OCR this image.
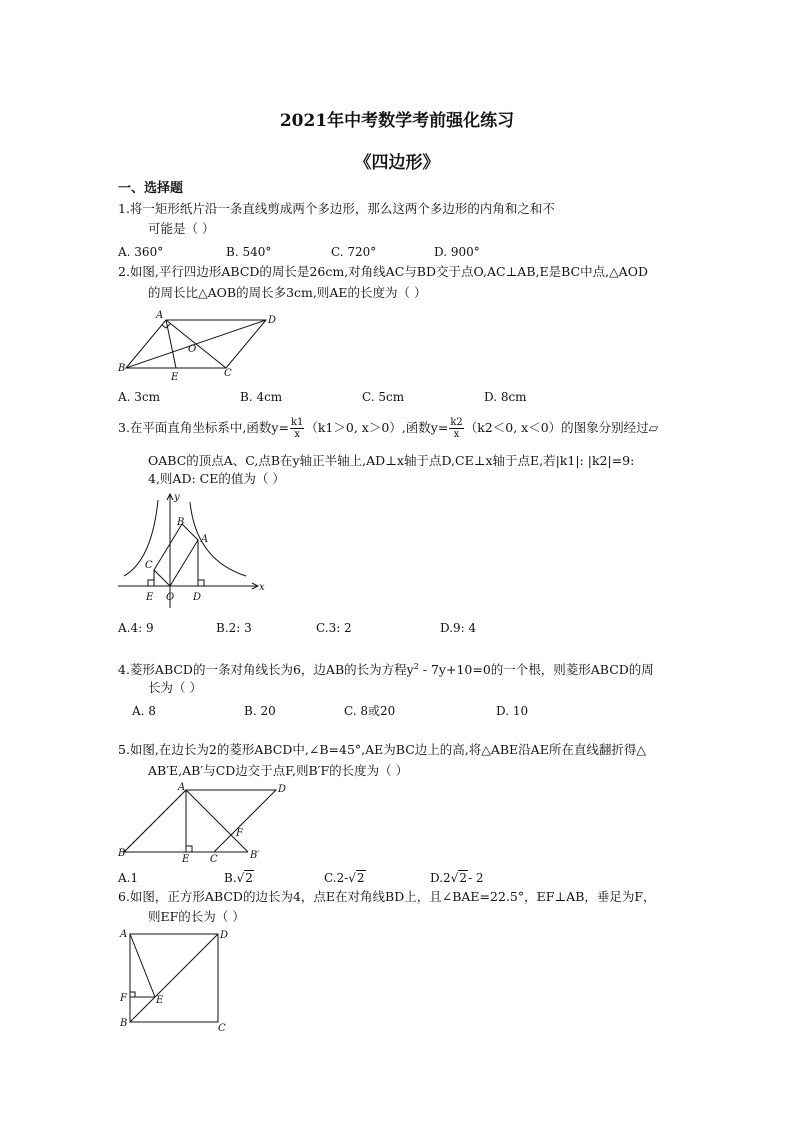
2021年中考数学考前强化练习
《四边形》
一、选择题
1.将一矩形纸片沿一条直线剪成两个多边形，那么这两个多边形的内角和之和不
可能是（ ）
A. 360°	B. 540°	C. 720°	D. 900°
2.如图,平行四边形ABCD的周长是26cm,对角线AC与BD交于点O,AC⊥AB,E是BC中点,△AOD
的周长比△AOB的周长多3cm,则AE的长度为（ ）
A	D
O
B
E	C
A. 3cm	B. 4cm	C. 5cm	D. 8cm
3.在平面直角坐标系中,函数$y= \frac{k1}{x} (k1>0$, x＞0）,函数$y= \frac{k2}{x} (k2<0$, x＜0）的图象分别经过▱
OABC的顶点A、C,点B在y轴正半轴上,AD⊥x轴于点D,CE⊥x轴于点E,若|k1|: |k2|=9:
4,则AD: CE的值为（ ）
y
B
A
C
E O D
x
A.4: 9	B.2: 3	C.3: 2	D.9: 4
4.菱形ABCD的一条对角线长为6，边AB的长为方程$y^2 - 7y+10=0$的一个根，则菱形ABCD的周
长为（ ）
A. 8	B. 20	C. 8或20	D. 10
5.如图,在边长为2的菱形ABCD中,∠B=45°,AE为BC边上的高,将△ABE沿AE所在直线翻折得△
AB′E,AB′与CD边交于点F,则B′F的长度为（ ）
A	D
F
B
E C	B′
A.1	B.√2	C.2-√2	D.2√2- 2
6.如图，正方形ABCD的边长为4，点E在对角线BD上，且∠BAE=22.5°，EF⊥AB，垂足为F，
则EF的长为（ ）
A	D
F	E
B	C
